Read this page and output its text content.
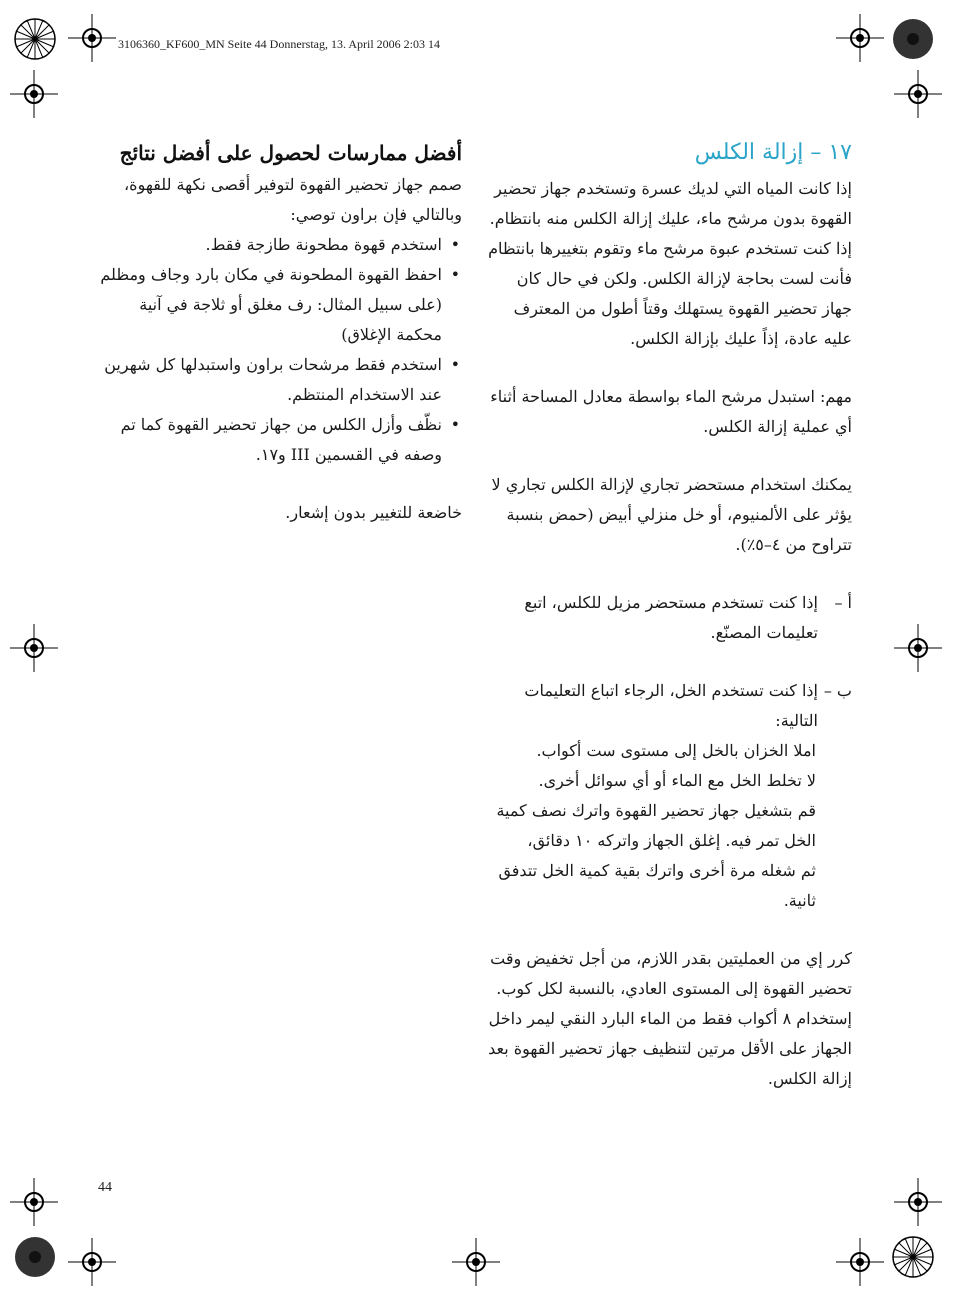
3106360_KF600_MN Seite 44 Donnerstag, 13. April 2006 2:03 14
١٧ – إزالة الكلس

إذا كانت المياه التي لديك عسرة وتستخدم جهاز تحضير القهوة بدون مرشح ماء، عليك إزالة الكلس منه بانتظام. إذا كنت تستخدم عبوة مرشح ماء وتقوم بتغييرها بانتظام فأنت لست بحاجة لإزالة الكلس. ولكن في حال كان جهاز تحضير القهوة يستهلك وقتاً أطول من المعترف عليه عادة، إذاً عليك بإزالة الكلس.

مهم: استبدل مرشح الماء بواسطة معادل المساحة أثناء أي عملية إزالة الكلس.

يمكنك استخدام مستحضر تجاري لإزالة الكلس تجاري لا يؤثر على الألمنيوم، أو خل منزلي أبيض (حمض بنسبة تتراوح من ٤–٥٪).

أ –

إذا كنت تستخدم مستحضر مزيل للكلس، اتبع تعليمات المصنّع.

ب –

إذا كنت تستخدم الخل، الرجاء اتباع التعليمات التالية:

املا الخزان بالخل إلى مستوى ست أكواب.

لا تخلط الخل مع الماء أو أي سوائل أخرى.

قم بتشغيل جهاز تحضير القهوة واترك نصف كمية الخل تمر فيه. إغلق الجهاز واتركه ١٠ دقائق،

ثم شغله مرة أخرى واترك بقية كمية الخل تتدفق ثانية.

كرر إي من العمليتين بقدر اللازم، من أجل تخفيض وقت تحضير القهوة إلى المستوى العادي، بالنسبة لكل كوب.

إستخدام ٨ أكواب فقط من الماء البارد النقي ليمر داخل الجهاز على الأقل مرتين لتنظيف جهاز تحضير القهوة بعد إزالة الكلس.

أفضل ممارسات لحصول على أفضل نتائج

صمم جهاز تحضير القهوة لتوفير أقصى نكهة للقهوة، وبالتالي فإن براون توصي:

• استخدم قهوة مطحونة طازجة فقط.
• احفظ القهوة المطحونة في مكان بارد وجاف ومظلم (على سبيل المثال: رف مغلق أو ثلاجة في آنية محكمة الإغلاق)
• استخدم فقط مرشحات براون واستبدلها كل شهرين عند الاستخدام المنتظم.
• نظّف وأزل الكلس من جهاز تحضير القهوة كما تم وصفه في القسمين III و١٧.

خاضعة للتغيير بدون إشعار.

44
